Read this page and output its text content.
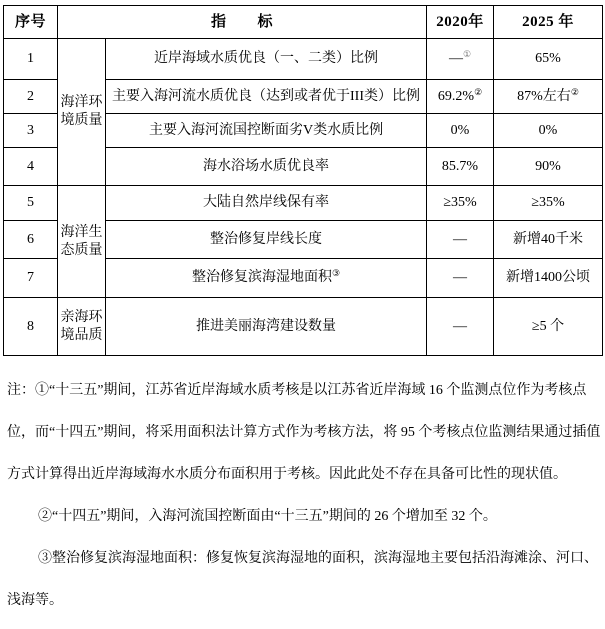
序号	指　　标		2020年	2025 年
1	海洋环境质量	近岸海域水质优良（一、二类）比例	—①	65%
2		主要入海河流水质优良（达到或者优于III类）比例	69.2%②	87%左右②
3		主要入海河流国控断面劣V类水质比例	0%	0%
4		海水浴场水质优良率	85.7%	90%
5	海洋生态质量	大陆自然岸线保有率	≥35%	≥35%
6		整治修复岸线长度	—	新增40千米
7		整治修复滨海湿地面积③	—	新增1400公顷
8	亲海环境品质	推进美丽海湾建设数量	—	≥5 个

注：①“十三五”期间，江苏省近岸海域水质考核是以江苏省近岸海域 16 个监测点位作为考核点位，而“十四五”期间，将采用面积法计算方式作为考核方法，将 95 个考核点位监测结果通过插值方式计算得出近岸海域海水水质分布面积用于考核。因此此处不存在具备可比性的现状值。

②“十四五”期间，入海河流国控断面由“十三五”期间的 26 个增加至 32 个。

③整治修复滨海湿地面积：修复恢复滨海湿地的面积，滨海湿地主要包括沿海滩涂、河口、浅海等。
